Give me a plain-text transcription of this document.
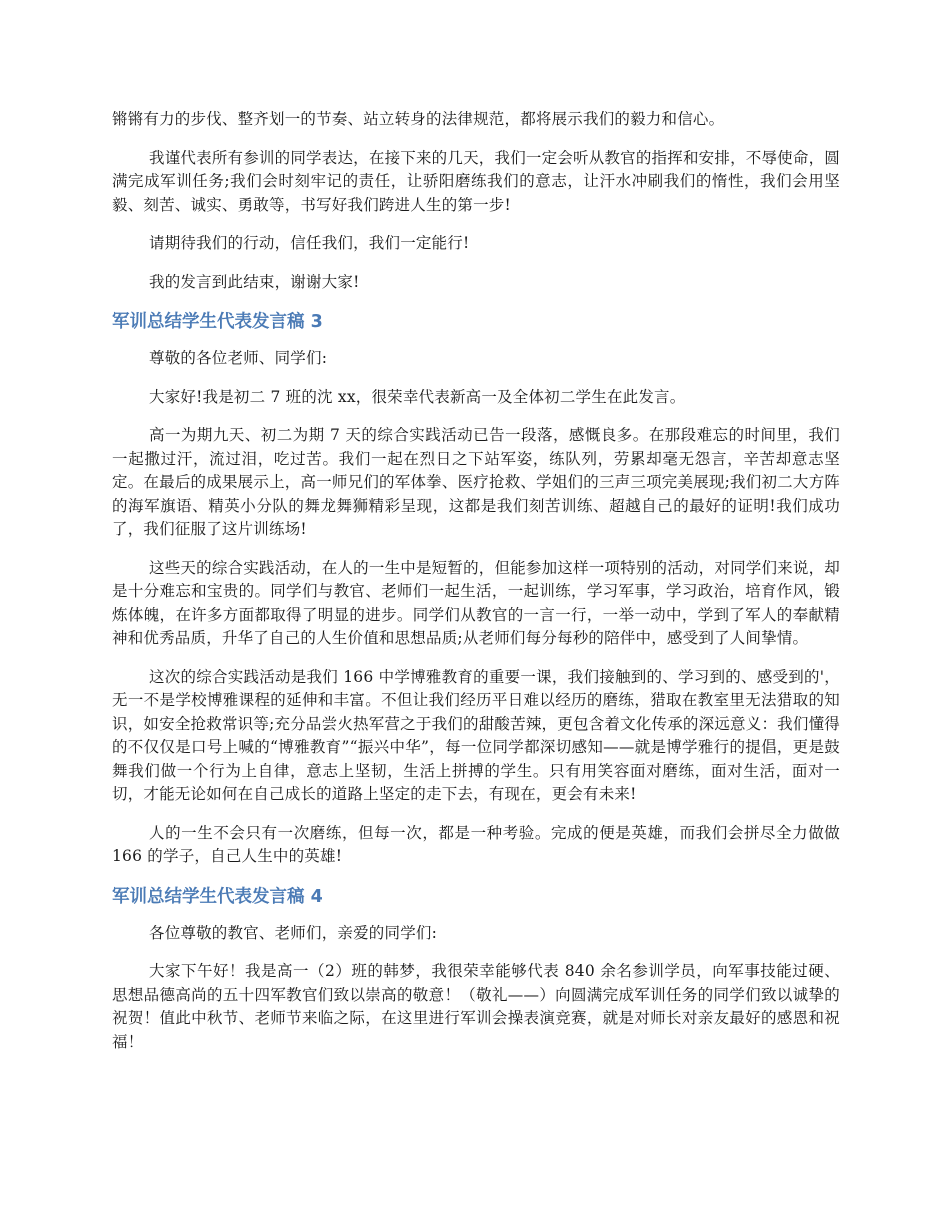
锵锵有力的步伐、整齐划一的节奏、站立转身的法律规范，都将展示我们的毅力和信心。

我谨代表所有参训的同学表达，在接下来的几天，我们一定会听从教官的指挥和安排，不辱使命，圆满完成军训任务;我们会时刻牢记的责任，让骄阳磨练我们的意志，让汗水冲刷我们的惰性，我们会用坚毅、刻苦、诚实、勇敢等，书写好我们跨进人生的第一步!

请期待我们的行动，信任我们，我们一定能行!

我的发言到此结束，谢谢大家!

军训总结学生代表发言稿 3

尊敬的各位老师、同学们:

大家好!我是初二 7 班的沈 xx，很荣幸代表新高一及全体初二学生在此发言。

高一为期九天、初二为期 7 天的综合实践活动已告一段落，感慨良多。在那段难忘的时间里，我们一起撒过汗，流过泪，吃过苦。我们一起在烈日之下站军姿，练队列，劳累却毫无怨言，辛苦却意志坚定。在最后的成果展示上，高一师兄们的军体拳、医疗抢救、学姐们的三声三项完美展现;我们初二大方阵的海军旗语、精英小分队的舞龙舞狮精彩呈现，这都是我们刻苦训练、超越自己的最好的证明!我们成功了，我们征服了这片训练场!

这些天的综合实践活动，在人的一生中是短暂的，但能参加这样一项特别的活动，对同学们来说，却是十分难忘和宝贵的。同学们与教官、老师们一起生活，一起训练，学习军事，学习政治，培育作风，锻炼体魄，在许多方面都取得了明显的进步。同学们从教官的一言一行，一举一动中，学到了军人的奉献精神和优秀品质，升华了自己的人生价值和思想品质;从老师们每分每秒的陪伴中，感受到了人间挚情。

这次的综合实践活动是我们 166 中学博雅教育的重要一课，我们接触到的、学习到的、感受到的'，无一不是学校博雅课程的延伸和丰富。不但让我们经历平日难以经历的磨练，猎取在教室里无法猎取的知识，如安全抢救常识等;充分品尝火热军营之于我们的甜酸苦辣，更包含着文化传承的深远意义：我们懂得的不仅仅是口号上喊的“博雅教育”“振兴中华”，每一位同学都深切感知——就是博学雅行的提倡，更是鼓舞我们做一个行为上自律，意志上坚韧，生活上拼搏的学生。只有用笑容面对磨练，面对生活，面对一切，才能无论如何在自己成长的道路上坚定的走下去，有现在，更会有未来!

人的一生不会只有一次磨练，但每一次，都是一种考验。完成的便是英雄，而我们会拼尽全力做做 166 的学子，自己人生中的英雄!

军训总结学生代表发言稿 4

各位尊敬的教官、老师们，亲爱的同学们:

大家下午好！我是高一（2）班的韩梦，我很荣幸能够代表 840 余名参训学员，向军事技能过硬、思想品德高尚的五十四军教官们致以崇高的敬意！（敬礼——）向圆满完成军训任务的同学们致以诚挚的祝贺！值此中秋节、老师节来临之际，在这里进行军训会操表演竞赛，就是对师长对亲友最好的感恩和祝福！
